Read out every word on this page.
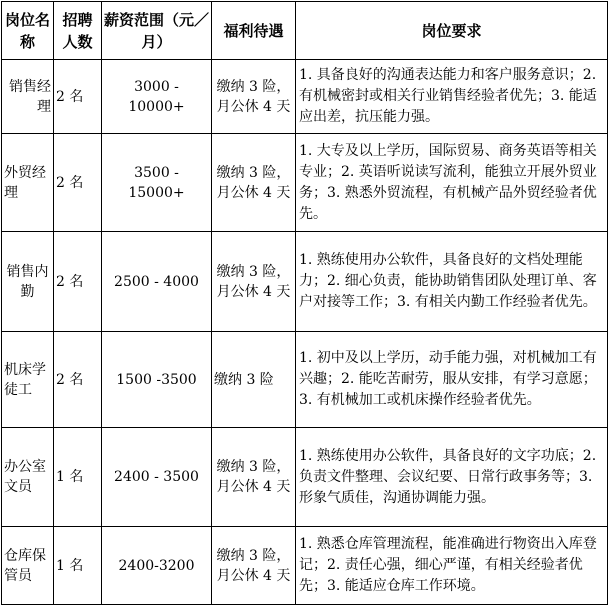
岗位名称	招聘人数	薪资范围（元／月）	福利待遇	岗位要求
销售经理	2 名	3000 - 10000+	缴纳 3 险，月公休 4 天	1. 具备良好的沟通表达能力和客户服务意识；2. 有机械密封或相关行业销售经验者优先；3. 能适应出差，抗压能力强。
外贸经理	2 名	3500 - 15000+	缴纳 3 险，月公休 4 天	1. 大专及以上学历，国际贸易、商务英语等相关专业；2. 英语听说读写流利，能独立开展外贸业务；3. 熟悉外贸流程，有机械产品外贸经验者优先。
销售内勤	2 名	2500 - 4000	缴纳 3 险，月公休 4 天	1. 熟练使用办公软件，具备良好的文档处理能力；2. 细心负责，能协助销售团队处理订单、客户对接等工作；3. 有相关内勤工作经验者优先。
机床学徒工	2 名	1500 -3500	缴纳 3 险	1. 初中及以上学历，动手能力强，对机械加工有兴趣；2. 能吃苦耐劳，服从安排，有学习意愿；3. 有机械加工或机床操作经验者优先。
办公室文员	1 名	2400 - 3500	缴纳 3 险，月公休 4 天	1. 熟练使用办公软件，具备良好的文字功底；2. 负责文件整理、会议纪要、日常行政事务等；3. 形象气质佳，沟通协调能力强。
仓库保管员	1 名	2400-3200	缴纳 3 险，月公休 4 天	1. 熟悉仓库管理流程，能准确进行物资出入库登记；2. 责任心强，细心严谨，有相关经验者优先；3. 能适应仓库工作环境。
